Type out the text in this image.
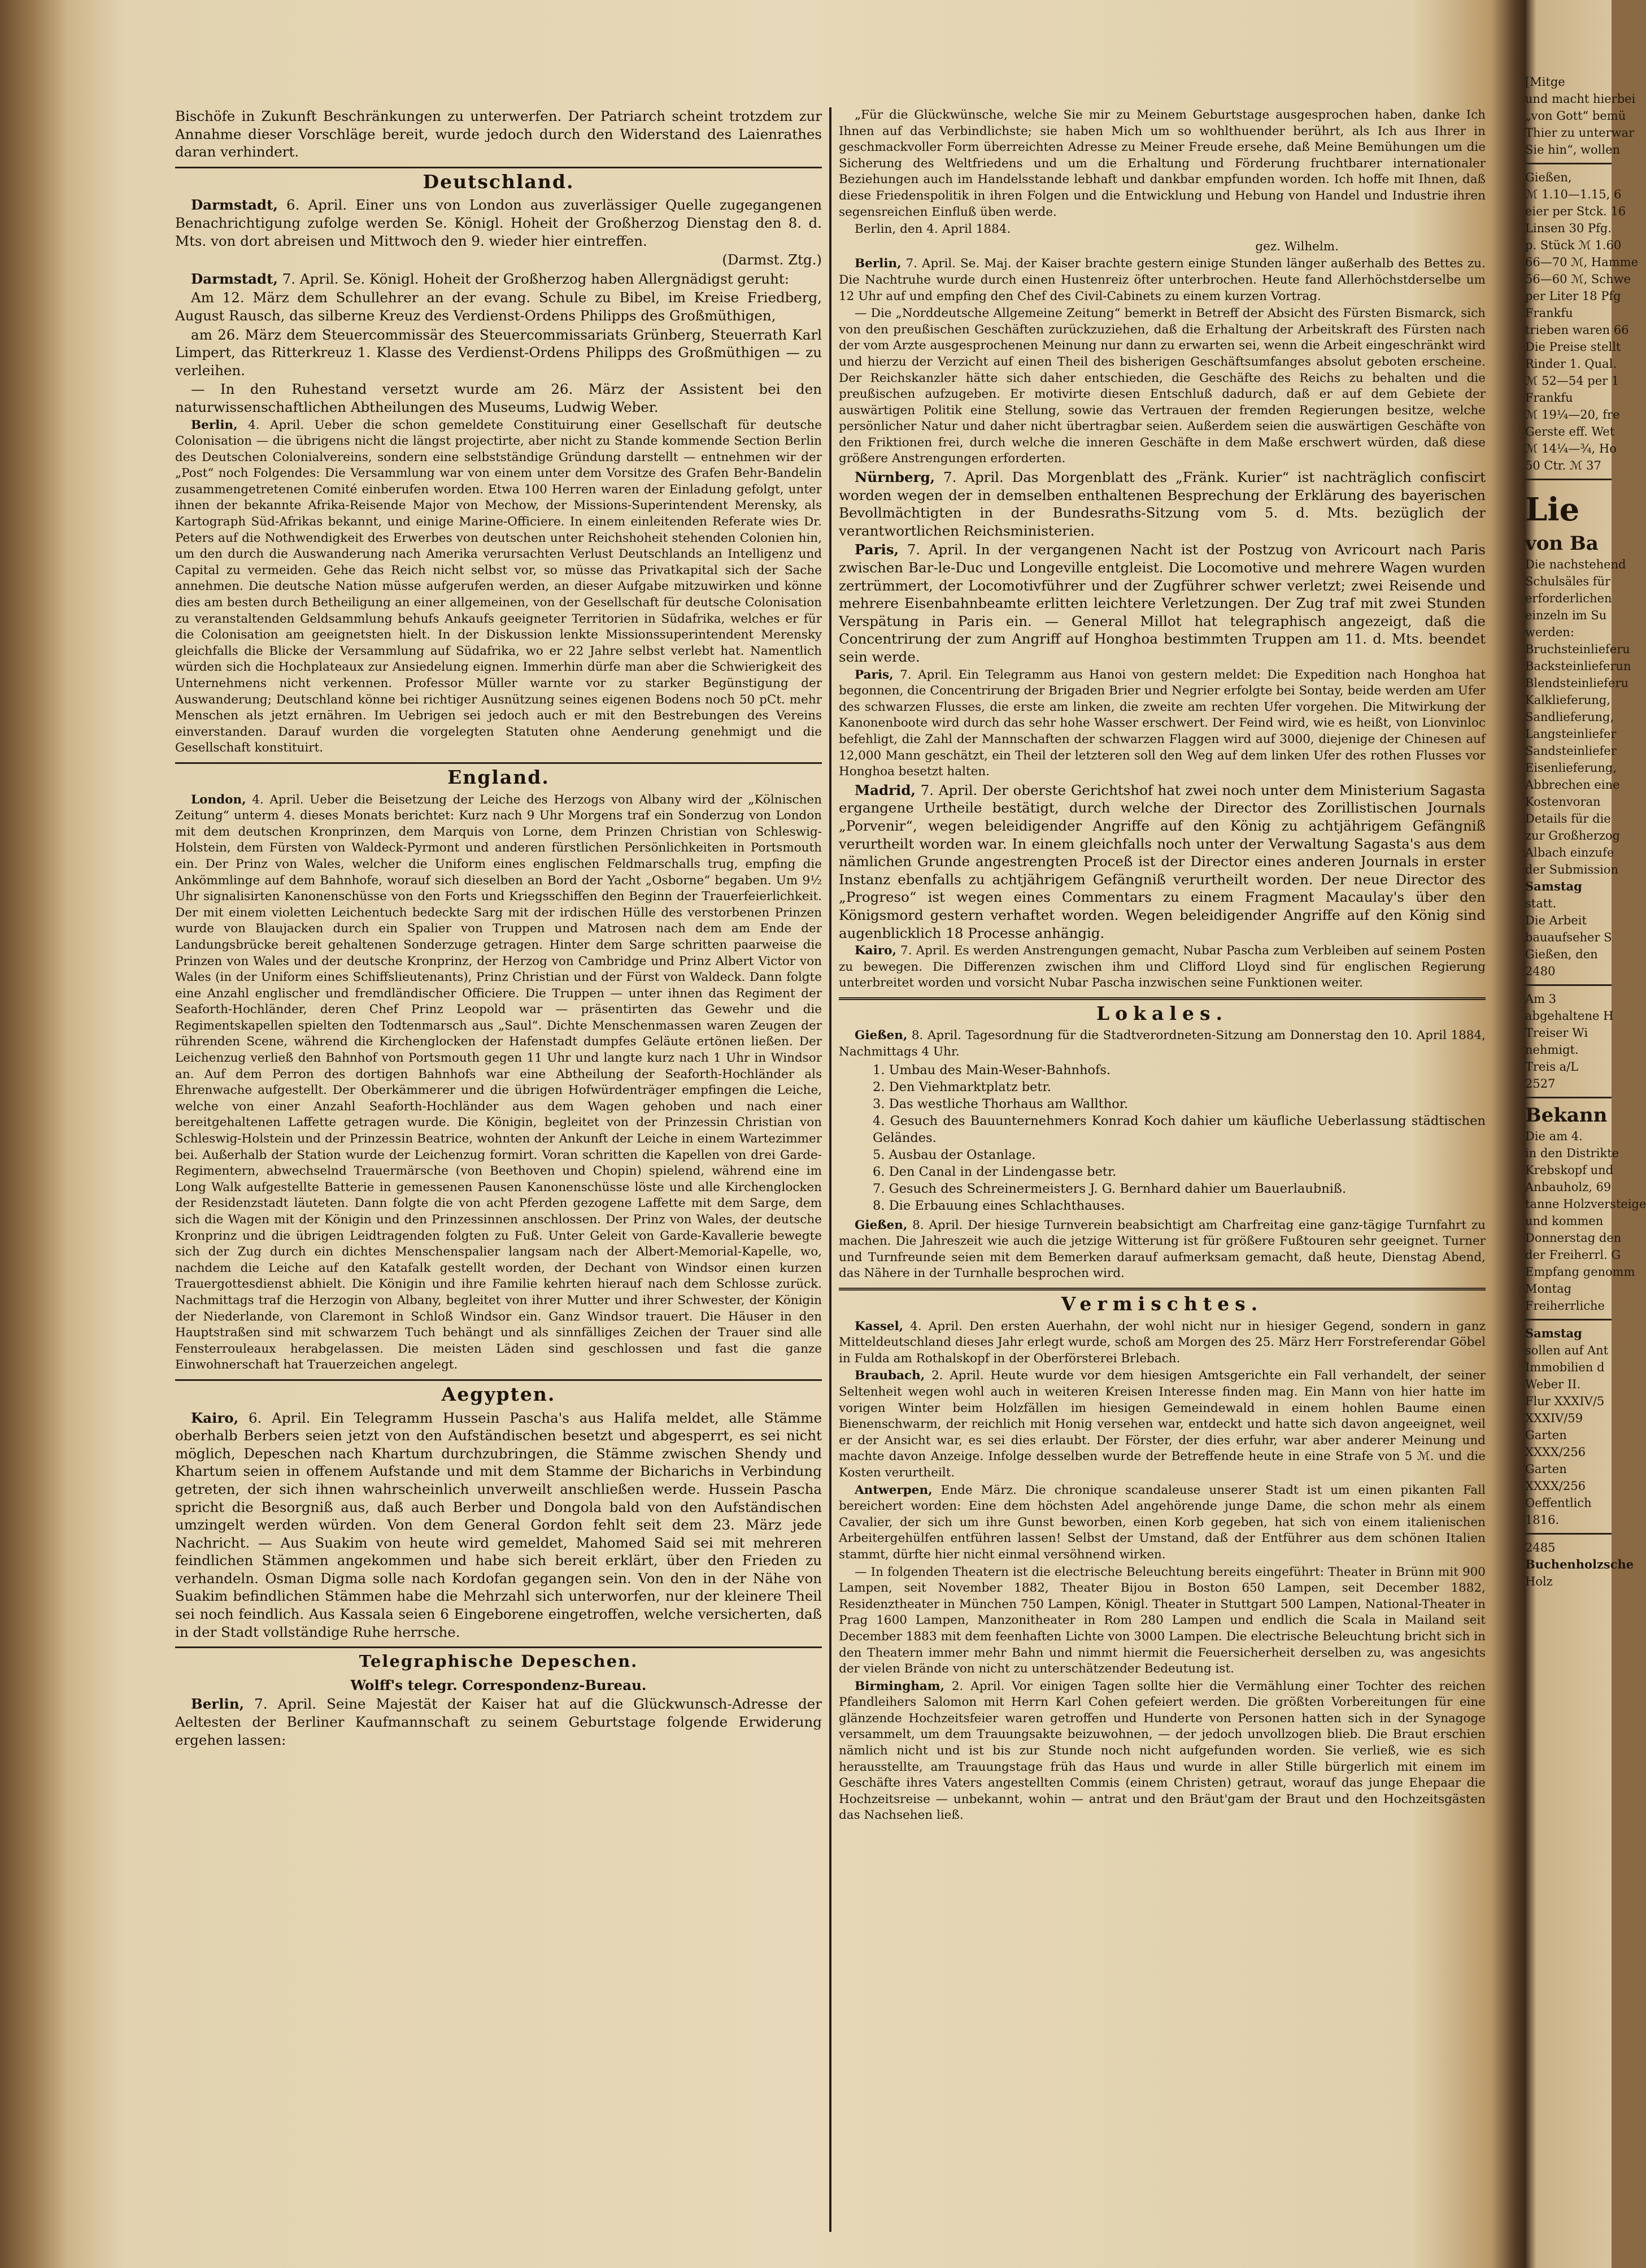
Bischöfe in Zukunft Beschränkungen zu unterwerfen. Der Patriarch scheint trotzdem zur Annahme dieser Vorschläge bereit, wurde jedoch durch den Widerstand des Laienrathes daran verhindert.

Deutschland.

Darmstadt, 6. April. Einer uns von London aus zuverlässiger Quelle zugegangenen Benachrichtigung zufolge werden Se. Königl. Hoheit der Großherzog Dienstag den 8. d. Mts. von dort abreisen und Mittwoch den 9. wieder hier eintreffen.

(Darmst. Ztg.)

Darmstadt, 7. April. Se. Königl. Hoheit der Großherzog haben Allergnädigst geruht:

Am 12. März dem Schullehrer an der evang. Schule zu Bibel, im Kreise Friedberg, August Rausch, das silberne Kreuz des Verdienst-Ordens Philipps des Großmüthigen,

am 26. März dem Steuercommissär des Steuercommissariats Grünberg, Steuerrath Karl Limpert, das Ritterkreuz 1. Klasse des Verdienst-Ordens Philipps des Großmüthigen — zu verleihen.

— In den Ruhestand versetzt wurde am 26. März der Assistent bei den naturwissenschaftlichen Abtheilungen des Museums, Ludwig Weber.

Berlin, 4. April. Ueber die schon gemeldete Constituirung einer Gesellschaft für deutsche Colonisation — die übrigens nicht die längst projectirte, aber nicht zu Stande kommende Section Berlin des Deutschen Colonialvereins, sondern eine selbstständige Gründung darstellt — entnehmen wir der „Post“ noch Folgendes: Die Versammlung war von einem unter dem Vorsitze des Grafen Behr-Bandelin zusammengetretenen Comité einberufen worden. Etwa 100 Herren waren der Einladung gefolgt, unter ihnen der bekannte Afrika-Reisende Major von Mechow, der Missions-Superintendent Merensky, als Kartograph Süd-Afrikas bekannt, und einige Marine-Officiere. In einem einleitenden Referate wies Dr. Peters auf die Nothwendigkeit des Erwerbes von deutschen unter Reichshoheit stehenden Colonien hin, um den durch die Auswanderung nach Amerika verursachten Verlust Deutschlands an Intelligenz und Capital zu vermeiden. Gehe das Reich nicht selbst vor, so müsse das Privatkapital sich der Sache annehmen. Die deutsche Nation müsse aufgerufen werden, an dieser Aufgabe mitzuwirken und könne dies am besten durch Betheiligung an einer allgemeinen, von der Gesellschaft für deutsche Colonisation zu veranstaltenden Geldsammlung behufs Ankaufs geeigneter Territorien in Südafrika, welches er für die Colonisation am geeignetsten hielt. In der Diskussion lenkte Missionssuperintendent Merensky gleichfalls die Blicke der Versammlung auf Südafrika, wo er 22 Jahre selbst verlebt hat. Namentlich würden sich die Hochplateaux zur Ansiedelung eignen. Immerhin dürfe man aber die Schwierigkeit des Unternehmens nicht verkennen. Professor Müller warnte vor zu starker Begünstigung der Auswanderung; Deutschland könne bei richtiger Ausnützung seines eigenen Bodens noch 50 pCt. mehr Menschen als jetzt ernähren. Im Uebrigen sei jedoch auch er mit den Bestrebungen des Vereins einverstanden. Darauf wurden die vorgelegten Statuten ohne Aenderung genehmigt und die Gesellschaft konstituirt.

England.

London, 4. April. Ueber die Beisetzung der Leiche des Herzogs von Albany wird der „Kölnischen Zeitung“ unterm 4. dieses Monats berichtet: Kurz nach 9 Uhr Morgens traf ein Sonderzug von London mit dem deutschen Kronprinzen, dem Marquis von Lorne, dem Prinzen Christian von Schleswig-Holstein, dem Fürsten von Waldeck-Pyrmont und anderen fürstlichen Persönlichkeiten in Portsmouth ein. Der Prinz von Wales, welcher die Uniform eines englischen Feldmarschalls trug, empfing die Ankömmlinge auf dem Bahnhofe, worauf sich dieselben an Bord der Yacht „Osborne“ begaben. Um 9½ Uhr signalisirten Kanonenschüsse von den Forts und Kriegsschiffen den Beginn der Trauerfeierlichkeit. Der mit einem violetten Leichentuch bedeckte Sarg mit der irdischen Hülle des verstorbenen Prinzen wurde von Blaujacken durch ein Spalier von Truppen und Matrosen nach dem am Ende der Landungsbrücke bereit gehaltenen Sonderzuge getragen. Hinter dem Sarge schritten paarweise die Prinzen von Wales und der deutsche Kronprinz, der Herzog von Cambridge und Prinz Albert Victor von Wales (in der Uniform eines Schiffslieutenants), Prinz Christian und der Fürst von Waldeck. Dann folgte eine Anzahl englischer und fremdländischer Officiere. Die Truppen — unter ihnen das Regiment der Seaforth-Hochländer, deren Chef Prinz Leopold war — präsentirten das Gewehr und die Regimentskapellen spielten den Todtenmarsch aus „Saul“. Dichte Menschenmassen waren Zeugen der rührenden Scene, während die Kirchenglocken der Hafenstadt dumpfes Geläute ertönen ließen. Der Leichenzug verließ den Bahnhof von Portsmouth gegen 11 Uhr und langte kurz nach 1 Uhr in Windsor an. Auf dem Perron des dortigen Bahnhofs war eine Abtheilung der Seaforth-Hochländer als Ehrenwache aufgestellt. Der Oberkämmerer und die übrigen Hofwürdenträger empfingen die Leiche, welche von einer Anzahl Seaforth-Hochländer aus dem Wagen gehoben und nach einer bereitgehaltenen Laffette getragen wurde. Die Königin, begleitet von der Prinzessin Christian von Schleswig-Holstein und der Prinzessin Beatrice, wohnten der Ankunft der Leiche in einem Wartezimmer bei. Außerhalb der Station wurde der Leichenzug formirt. Voran schritten die Kapellen von drei Garde-Regimentern, abwechselnd Trauermärsche (von Beethoven und Chopin) spielend, während eine im Long Walk aufgestellte Batterie in gemessenen Pausen Kanonenschüsse löste und alle Kirchenglocken der Residenzstadt läuteten. Dann folgte die von acht Pferden gezogene Laffette mit dem Sarge, dem sich die Wagen mit der Königin und den Prinzessinnen anschlossen. Der Prinz von Wales, der deutsche Kronprinz und die übrigen Leidtragenden folgten zu Fuß. Unter Geleit von Garde-Kavallerie bewegte sich der Zug durch ein dichtes Menschenspalier langsam nach der Albert-Memorial-Kapelle, wo, nachdem die Leiche auf den Katafalk gestellt worden, der Dechant von Windsor einen kurzen Trauergottesdienst abhielt. Die Königin und ihre Familie kehrten hierauf nach dem Schlosse zurück. Nachmittags traf die Herzogin von Albany, begleitet von ihrer Mutter und ihrer Schwester, der Königin der Niederlande, von Claremont in Schloß Windsor ein. Ganz Windsor trauert. Die Häuser in den Hauptstraßen sind mit schwarzem Tuch behängt und als sinnfälliges Zeichen der Trauer sind alle Fensterrouleaux herabgelassen. Die meisten Läden sind geschlossen und fast die ganze Einwohnerschaft hat Trauerzeichen angelegt.

Aegypten.

Kairo, 6. April. Ein Telegramm Hussein Pascha's aus Halifa meldet, alle Stämme oberhalb Berbers seien jetzt von den Aufständischen besetzt und abgesperrt, es sei nicht möglich, Depeschen nach Khartum durchzubringen, die Stämme zwischen Shendy und Khartum seien in offenem Aufstande und mit dem Stamme der Bicharichs in Verbindung getreten, der sich ihnen wahrscheinlich unverweilt anschließen werde. Hussein Pascha spricht die Besorgniß aus, daß auch Berber und Dongola bald von den Aufständischen umzingelt werden würden. Von dem General Gordon fehlt seit dem 23. März jede Nachricht. — Aus Suakim von heute wird gemeldet, Mahomed Said sei mit mehreren feindlichen Stämmen angekommen und habe sich bereit erklärt, über den Frieden zu verhandeln. Osman Digma solle nach Kordofan gegangen sein. Von den in der Nähe von Suakim befindlichen Stämmen habe die Mehrzahl sich unterworfen, nur der kleinere Theil sei noch feindlich. Aus Kassala seien 6 Eingeborene eingetroffen, welche versicherten, daß in der Stadt vollständige Ruhe herrsche.

Telegraphische Depeschen.

Wolff's telegr. Correspondenz-Bureau.

Berlin, 7. April. Seine Majestät der Kaiser hat auf die Glückwunsch-Adresse der Aeltesten der Berliner Kaufmannschaft zu seinem Geburtstage folgende Erwiderung ergehen lassen:

„Für die Glückwünsche, welche Sie mir zu Meinem Geburtstage ausgesprochen haben, danke Ich Ihnen auf das Verbindlichste; sie haben Mich um so wohlthuender berührt, als Ich aus Ihrer in geschmackvoller Form überreichten Adresse zu Meiner Freude ersehe, daß Meine Bemühungen um die Sicherung des Weltfriedens und um die Erhaltung und Förderung fruchtbarer internationaler Beziehungen auch im Handelsstande lebhaft und dankbar empfunden worden. Ich hoffe mit Ihnen, daß diese Friedenspolitik in ihren Folgen und die Entwicklung und Hebung von Handel und Industrie ihren segensreichen Einfluß üben werde.

Berlin, den 4. April 1884.

gez. Wilhelm.

Berlin, 7. April. Se. Maj. der Kaiser brachte gestern einige Stunden länger außerhalb des Bettes zu. Die Nachtruhe wurde durch einen Hustenreiz öfter unterbrochen. Heute fand Allerhöchstderselbe um 12 Uhr auf und empfing den Chef des Civil-Cabinets zu einem kurzen Vortrag.

— Die „Norddeutsche Allgemeine Zeitung“ bemerkt in Betreff der Absicht des Fürsten Bismarck, sich von den preußischen Geschäften zurückzuziehen, daß die Erhaltung der Arbeitskraft des Fürsten nach der vom Arzte ausgesprochenen Meinung nur dann zu erwarten sei, wenn die Arbeit eingeschränkt wird und hierzu der Verzicht auf einen Theil des bisherigen Geschäftsumfanges absolut geboten erscheine. Der Reichskanzler hätte sich daher entschieden, die Geschäfte des Reichs zu behalten und die preußischen aufzugeben. Er motivirte diesen Entschluß dadurch, daß er auf dem Gebiete der auswärtigen Politik eine Stellung, sowie das Vertrauen der fremden Regierungen besitze, welche persönlicher Natur und daher nicht übertragbar seien. Außerdem seien die auswärtigen Geschäfte von den Friktionen frei, durch welche die inneren Geschäfte in dem Maße erschwert würden, daß diese größere Anstrengungen erforderten.

Nürnberg, 7. April. Das Morgenblatt des „Fränk. Kurier“ ist nachträglich confiscirt worden wegen der in demselben enthaltenen Besprechung der Erklärung des bayerischen Bevollmächtigten in der Bundesraths-Sitzung vom 5. d. Mts. bezüglich der verantwortlichen Reichsministerien.

Paris, 7. April. In der vergangenen Nacht ist der Postzug von Avricourt nach Paris zwischen Bar-le-Duc und Longeville entgleist. Die Locomotive und mehrere Wagen wurden zertrümmert, der Locomotivführer und der Zugführer schwer verletzt; zwei Reisende und mehrere Eisenbahnbeamte erlitten leichtere Verletzungen. Der Zug traf mit zwei Stunden Verspätung in Paris ein. — General Millot hat telegraphisch angezeigt, daß die Concentrirung der zum Angriff auf Honghoa bestimmten Truppen am 11. d. Mts. beendet sein werde.

Paris, 7. April. Ein Telegramm aus Hanoi von gestern meldet: Die Expedition nach Honghoa hat begonnen, die Concentrirung der Brigaden Brier und Negrier erfolgte bei Sontay, beide werden am Ufer des schwarzen Flusses, die erste am linken, die zweite am rechten Ufer vorgehen. Die Mitwirkung der Kanonenboote wird durch das sehr hohe Wasser erschwert. Der Feind wird, wie es heißt, von Lionvinloc befehligt, die Zahl der Mannschaften der schwarzen Flaggen wird auf 3000, diejenige der Chinesen auf 12,000 Mann geschätzt, ein Theil der letzteren soll den Weg auf dem linken Ufer des rothen Flusses vor Honghoa besetzt halten.

Madrid, 7. April. Der oberste Gerichtshof hat zwei noch unter dem Ministerium Sagasta ergangene Urtheile bestätigt, durch welche der Director des Zorillistischen Journals „Porvenir“, wegen beleidigender Angriffe auf den König zu achtjährigem Gefängniß verurtheilt worden war. In einem gleichfalls noch unter der Verwaltung Sagasta's aus dem nämlichen Grunde angestrengten Proceß ist der Director eines anderen Journals in erster Instanz ebenfalls zu achtjährigem Gefängniß verurtheilt worden. Der neue Director des „Progreso“ ist wegen eines Commentars zu einem Fragment Macaulay's über den Königsmord gestern verhaftet worden. Wegen beleidigender Angriffe auf den König sind augenblicklich 18 Processe anhängig.

Kairo, 7. April. Es werden Anstrengungen gemacht, Nubar Pascha zum Verbleiben auf seinem Posten zu bewegen. Die Differenzen zwischen ihm und Clifford Lloyd sind für englischen Regierung unterbreitet worden und vorsicht Nubar Pascha inzwischen seine Funktionen weiter.

Lokales.

Gießen, 8. April. Tagesordnung für die Stadtverordneten-Sitzung am Donnerstag den 10. April 1884, Nachmittags 4 Uhr.

1. Umbau des Main-Weser-Bahnhofs.
2. Den Viehmarktplatz betr.
3. Das westliche Thorhaus am Wallthor.
4. Gesuch des Bauunternehmers Konrad Koch dahier um käufliche Ueberlassung städtischen Geländes.
5. Ausbau der Ostanlage.
6. Den Canal in der Lindengasse betr.
7. Gesuch des Schreinermeisters J. G. Bernhard dahier um Bauerlaubniß.
8. Die Erbauung eines Schlachthauses.

Gießen, 8. April. Der hiesige Turnverein beabsichtigt am Charfreitag eine ganz-tägige Turnfahrt zu machen. Die Jahreszeit wie auch die jetzige Witterung ist für größere Fußtouren sehr geeignet. Turner und Turnfreunde seien mit dem Bemerken darauf aufmerksam gemacht, daß heute, Dienstag Abend, das Nähere in der Turnhalle besprochen wird.

Vermischtes.

Kassel, 4. April. Den ersten Auerhahn, der wohl nicht nur in hiesiger Gegend, sondern in ganz Mitteldeutschland dieses Jahr erlegt wurde, schoß am Morgen des 25. März Herr Forstreferendar Göbel in Fulda am Rothalskopf in der Oberförsterei Brlebach.

Braubach, 2. April. Heute wurde vor dem hiesigen Amtsgerichte ein Fall verhandelt, der seiner Seltenheit wegen wohl auch in weiteren Kreisen Interesse finden mag. Ein Mann von hier hatte im vorigen Winter beim Holzfällen im hiesigen Gemeindewald in einem hohlen Baume einen Bienenschwarm, der reichlich mit Honig versehen war, entdeckt und hatte sich davon angeeignet, weil er der Ansicht war, es sei dies erlaubt. Der Förster, der dies erfuhr, war aber anderer Meinung und machte davon Anzeige. Infolge desselben wurde der Betreffende heute in eine Strafe von 5 ℳ. und die Kosten verurtheilt.

Antwerpen, Ende März. Die chronique scandaleuse unserer Stadt ist um einen pikanten Fall bereichert worden: Eine dem höchsten Adel angehörende junge Dame, die schon mehr als einem Cavalier, der sich um ihre Gunst beworben, einen Korb gegeben, hat sich von einem italienischen Arbeitergehülfen entführen lassen! Selbst der Umstand, daß der Entführer aus dem schönen Italien stammt, dürfte hier nicht einmal versöhnend wirken.

— In folgenden Theatern ist die electrische Beleuchtung bereits eingeführt: Theater in Brünn mit 900 Lampen, seit November 1882, Theater Bijou in Boston 650 Lampen, seit December 1882, Residenztheater in München 750 Lampen, Königl. Theater in Stuttgart 500 Lampen, National-Theater in Prag 1600 Lampen, Manzonitheater in Rom 280 Lampen und endlich die Scala in Mailand seit December 1883 mit dem feenhaften Lichte von 3000 Lampen. Die electrische Beleuchtung bricht sich in den Theatern immer mehr Bahn und nimmt hiermit die Feuersicherheit derselben zu, was angesichts der vielen Brände von nicht zu unterschätzender Bedeutung ist.

Birmingham, 2. April. Vor einigen Tagen sollte hier die Vermählung einer Tochter des reichen Pfandleihers Salomon mit Herrn Karl Cohen gefeiert werden. Die größten Vorbereitungen für eine glänzende Hochzeitsfeier waren getroffen und Hunderte von Personen hatten sich in der Synagoge versammelt, um dem Trauungsakte beizuwohnen, — der jedoch unvollzogen blieb. Die Braut erschien nämlich nicht und ist bis zur Stunde noch nicht aufgefunden worden. Sie verließ, wie es sich herausstellte, am Trauungstage früh das Haus und wurde in aller Stille bürgerlich mit einem im Geschäfte ihres Vaters angestellten Commis (einem Christen) getraut, worauf das junge Ehepaar die Hochzeitsreise — unbekannt, wohin — antrat und den Bräut'gam der Braut und den Hochzeitsgästen das Nachsehen ließ.

[Mitge
und macht hierbei
„von Gott“ bemü
Thier zu unterwar
Sie hin“, wollen
Gießen,
ℳ 1.10—1.15, 6
eier per Stck. 16
Linsen 30 Pfg.
p. Stück ℳ 1.60
66—70 ℳ, Hamme
56—60 ℳ, Schwe
per Liter 18 Pfg
Frankfu
trieben waren 66
Die Preise stellt
Rinder 1. Qual.
ℳ 52—54 per 1
Frankfu
ℳ 19¼—20, fre
Gerste eff. Wet
ℳ 14¼—¾, Ho
50 Ctr. ℳ 37
Lie
von Ba
Die nachstehend
Schulsäles für
erforderlichen
einzeln im Su
werden:
Bruchsteinlieferu
Backsteinlieferun
Blendsteinlieferu
Kalklieferung,
Sandlieferung,
Langsteinliefer
Sandsteinliefer
Eisenlieferung,
Abbrechen eine
Kostenvoran
Details für die
zur Großherzog
Albach einzufe
der Submission
Samstag
statt.
Die Arbeit
bauaufseher S
Gießen, den
2480
Am 3
abgehaltene H
Treiser Wi
nehmigt.
Treis a/L
2527
Bekann
Die am 4.
in den Distrikte
Krebskopf und
Anbauholz, 69
tanne Holzversteige
und kommen
Donnerstag den
der Freiherrl. G
Empfang genomm
Montag
Freiherrliche
Samstag
sollen auf Ant
Immobilien d
Weber II.
Flur XXXIV/5
XXXIV/59
Garten
XXXX/256
Garten
XXXX/256
Oeffentlich
1816.
2485
Buchenholzsche
Holz
